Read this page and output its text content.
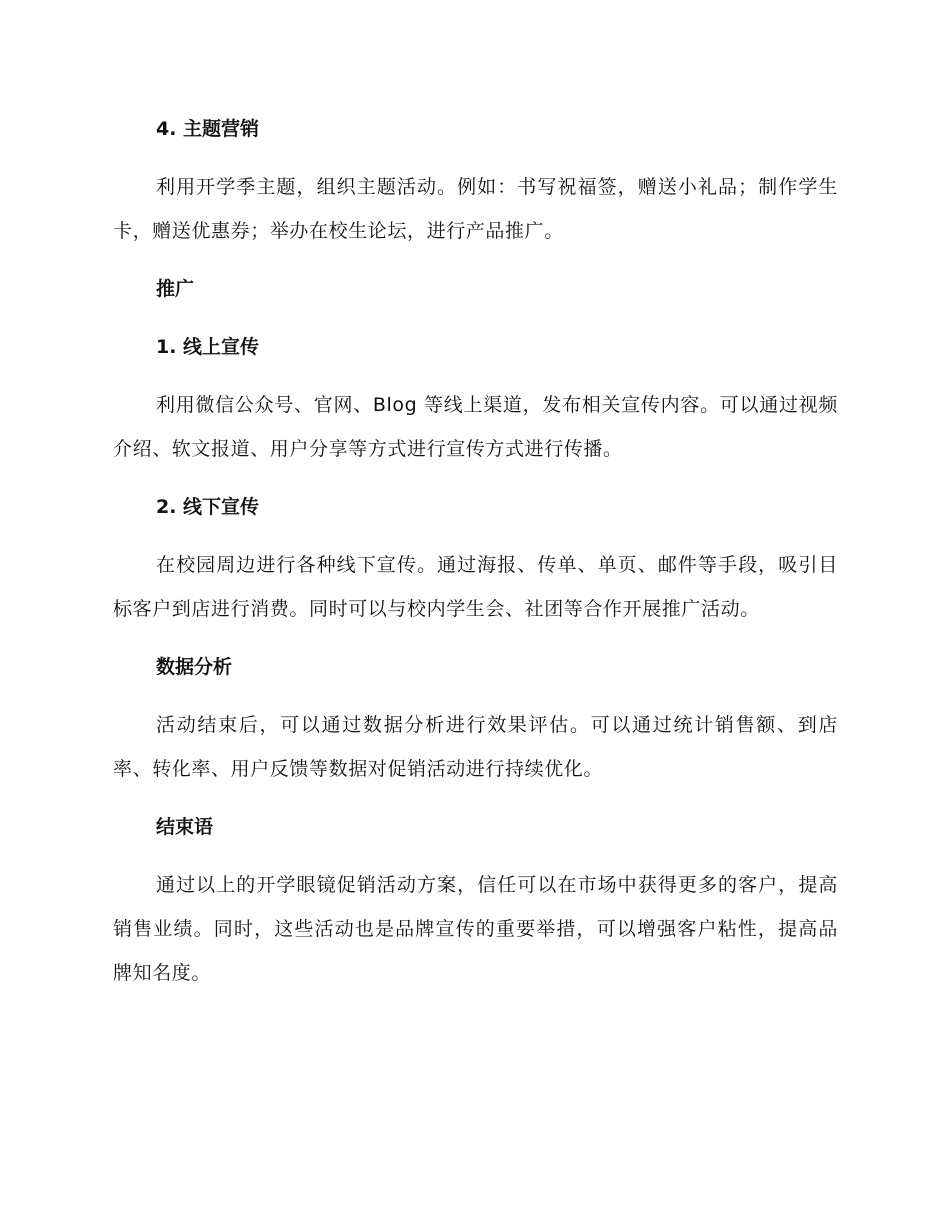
4. 主题营销
利用开学季主题，组织主题活动。例如：书写祝福签，赠送小礼品；制作学生卡，赠送优惠券；举办在校生论坛，进行产品推广。
推广
1. 线上宣传
利用微信公众号、官网、Blog 等线上渠道，发布相关宣传内容。可以通过视频介绍、软文报道、用户分享等方式进行宣传方式进行传播。
2. 线下宣传
在校园周边进行各种线下宣传。通过海报、传单、单页、邮件等手段，吸引目标客户到店进行消费。同时可以与校内学生会、社团等合作开展推广活动。
数据分析
活动结束后，可以通过数据分析进行效果评估。可以通过统计销售额、到店率、转化率、用户反馈等数据对促销活动进行持续优化。
结束语
通过以上的开学眼镜促销活动方案，信任可以在市场中获得更多的客户，提高销售业绩。同时，这些活动也是品牌宣传的重要举措，可以增强客户粘性，提高品牌知名度。
